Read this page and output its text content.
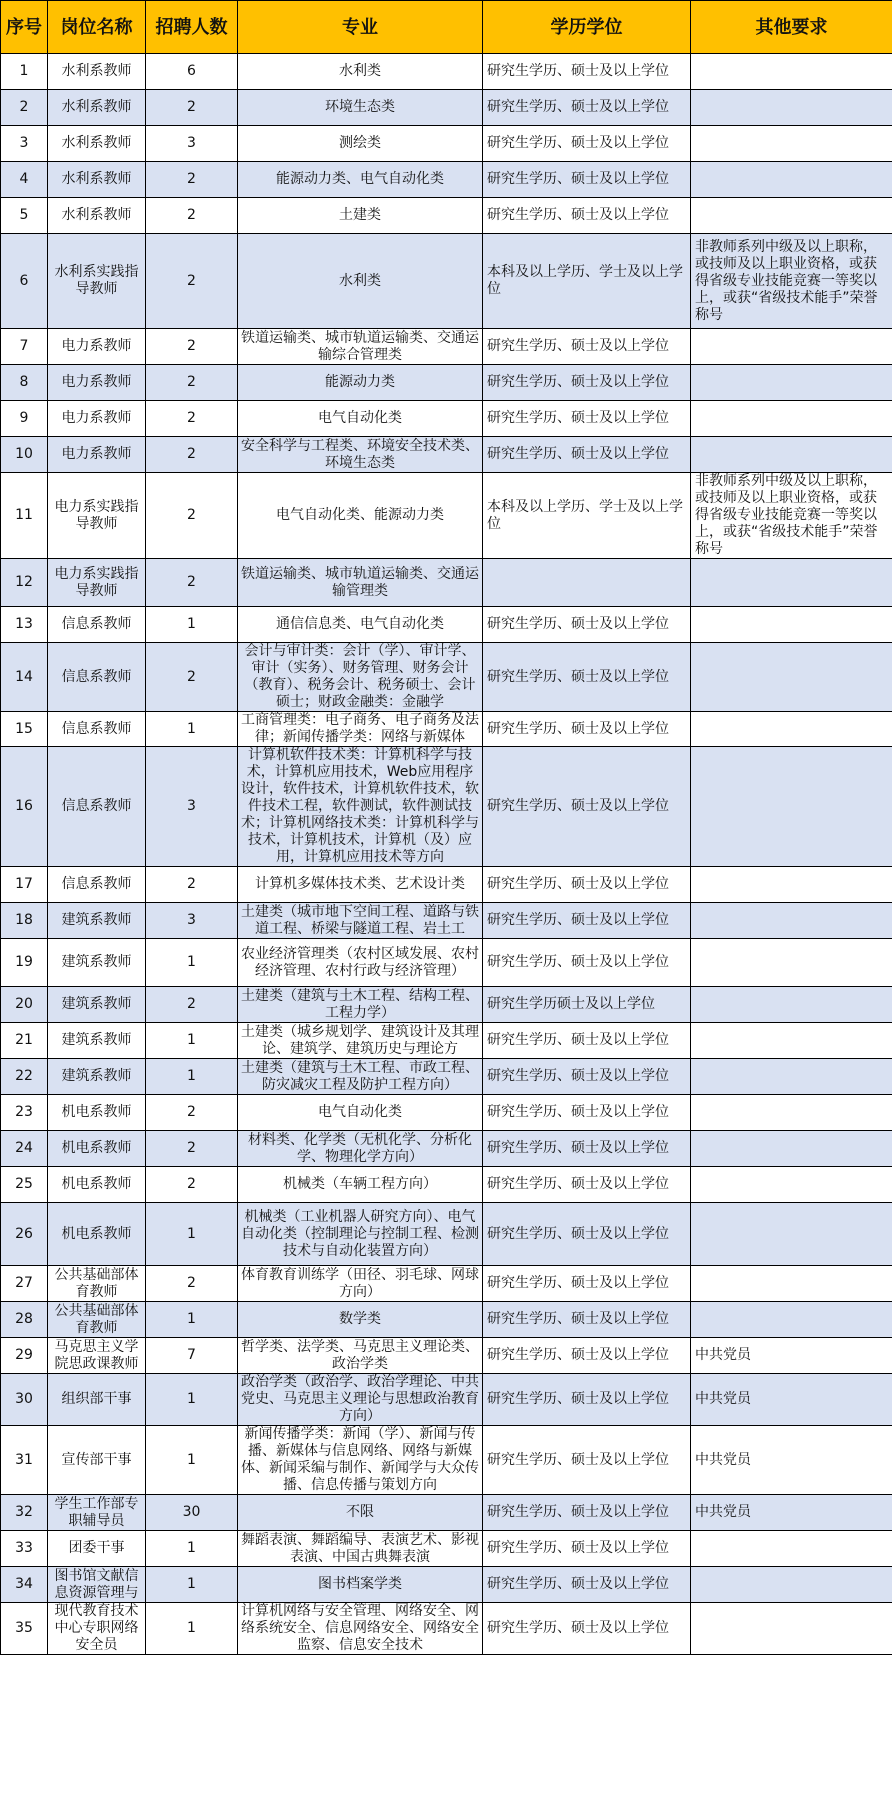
序号	岗位名称	招聘人数	专业	学历学位	其他要求
1	水利系教师	6	水利类	研究生学历、硕士及以上学位	
2	水利系教师	2	环境生态类	研究生学历、硕士及以上学位	
3	水利系教师	3	测绘类	研究生学历、硕士及以上学位	
4	水利系教师	2	能源动力类、电气自动化类	研究生学历、硕士及以上学位	
5	水利系教师	2	土建类	研究生学历、硕士及以上学位	
6	水利系实践指导教师	2	水利类	本科及以上学历、学士及以上学位	非教师系列中级及以上职称，或技师及以上职业资格，或获得省级专业技能竞赛一等奖以上，或获“省级技术能手”荣誉称号
7	电力系教师	2	铁道运输类、城市轨道运输类、交通运输综合管理类	研究生学历、硕士及以上学位	
8	电力系教师	2	能源动力类	研究生学历、硕士及以上学位	
9	电力系教师	2	电气自动化类	研究生学历、硕士及以上学位	
10	电力系教师	2	安全科学与工程类、环境安全技术类、环境生态类	研究生学历、硕士及以上学位	
11	电力系实践指导教师	2	电气自动化类、能源动力类	本科及以上学历、学士及以上学位	非教师系列中级及以上职称，或技师及以上职业资格，或获得省级专业技能竞赛一等奖以上，或获“省级技术能手”荣誉称号
12	电力系实践指导教师	2	铁道运输类、城市轨道运输类、交通运输管理类		
13	信息系教师	1	通信信息类、电气自动化类	研究生学历、硕士及以上学位	
14	信息系教师	2	会计与审计类：会计（学）、审计学、审计（实务）、财务管理、财务会计（教育）、税务会计、税务硕士、会计硕士；财政金融类：金融学	研究生学历、硕士及以上学位	
15	信息系教师	1	工商管理类：电子商务、电子商务及法律；新闻传播学类：网络与新媒体	研究生学历、硕士及以上学位	
16	信息系教师	3	计算机软件技术类：计算机科学与技术，计算机应用技术，Web应用程序设计，软件技术，计算机软件技术，软件技术工程，软件测试，软件测试技术；计算机网络技术类：计算机科学与技术，计算机技术，计算机（及）应用，计算机应用技术等方向	研究生学历、硕士及以上学位	
17	信息系教师	2	计算机多媒体技术类、艺术设计类	研究生学历、硕士及以上学位	
18	建筑系教师	3	土建类（城市地下空间工程、道路与铁道工程、桥梁与隧道工程、岩土工	研究生学历、硕士及以上学位	
19	建筑系教师	1	农业经济管理类（农村区域发展、农村经济管理、农村行政与经济管理）	研究生学历、硕士及以上学位	
20	建筑系教师	2	土建类（建筑与土木工程、结构工程、工程力学）	研究生学历硕士及以上学位	
21	建筑系教师	1	土建类（城乡规划学、建筑设计及其理论、建筑学、建筑历史与理论方	研究生学历、硕士及以上学位	
22	建筑系教师	1	土建类（建筑与土木工程、市政工程、防灾减灾工程及防护工程方向）	研究生学历、硕士及以上学位	
23	机电系教师	2	电气自动化类	研究生学历、硕士及以上学位	
24	机电系教师	2	材料类、化学类（无机化学、分析化学、物理化学方向）	研究生学历、硕士及以上学位	
25	机电系教师	2	机械类（车辆工程方向）	研究生学历、硕士及以上学位	
26	机电系教师	1	机械类（工业机器人研究方向）、电气自动化类（控制理论与控制工程、检测技术与自动化装置方向）	研究生学历、硕士及以上学位	
27	公共基础部体育教师	2	体育教育训练学（田径、羽毛球、网球方向）	研究生学历、硕士及以上学位	
28	公共基础部体育教师	1	数学类	研究生学历、硕士及以上学位	
29	马克思主义学院思政课教师	7	哲学类、法学类、马克思主义理论类、政治学类	研究生学历、硕士及以上学位	中共党员
30	组织部干事	1	政治学类（政治学、政治学理论、中共党史、马克思主义理论与思想政治教育方向）	研究生学历、硕士及以上学位	中共党员
31	宣传部干事	1	新闻传播学类：新闻（学）、新闻与传播、新媒体与信息网络、网络与新媒体、新闻采编与制作、新闻学与大众传播、信息传播与策划方向	研究生学历、硕士及以上学位	中共党员
32	学生工作部专职辅导员	30	不限	研究生学历、硕士及以上学位	中共党员
33	团委干事	1	舞蹈表演、舞蹈编导、表演艺术、影视表演、中国古典舞表演	研究生学历、硕士及以上学位	
34	图书馆文献信息资源管理与	1	图书档案学类	研究生学历、硕士及以上学位	
35	现代教育技术中心专职网络安全员	1	计算机网络与安全管理、网络安全、网络系统安全、信息网络安全、网络安全监察、信息安全技术	研究生学历、硕士及以上学位	
